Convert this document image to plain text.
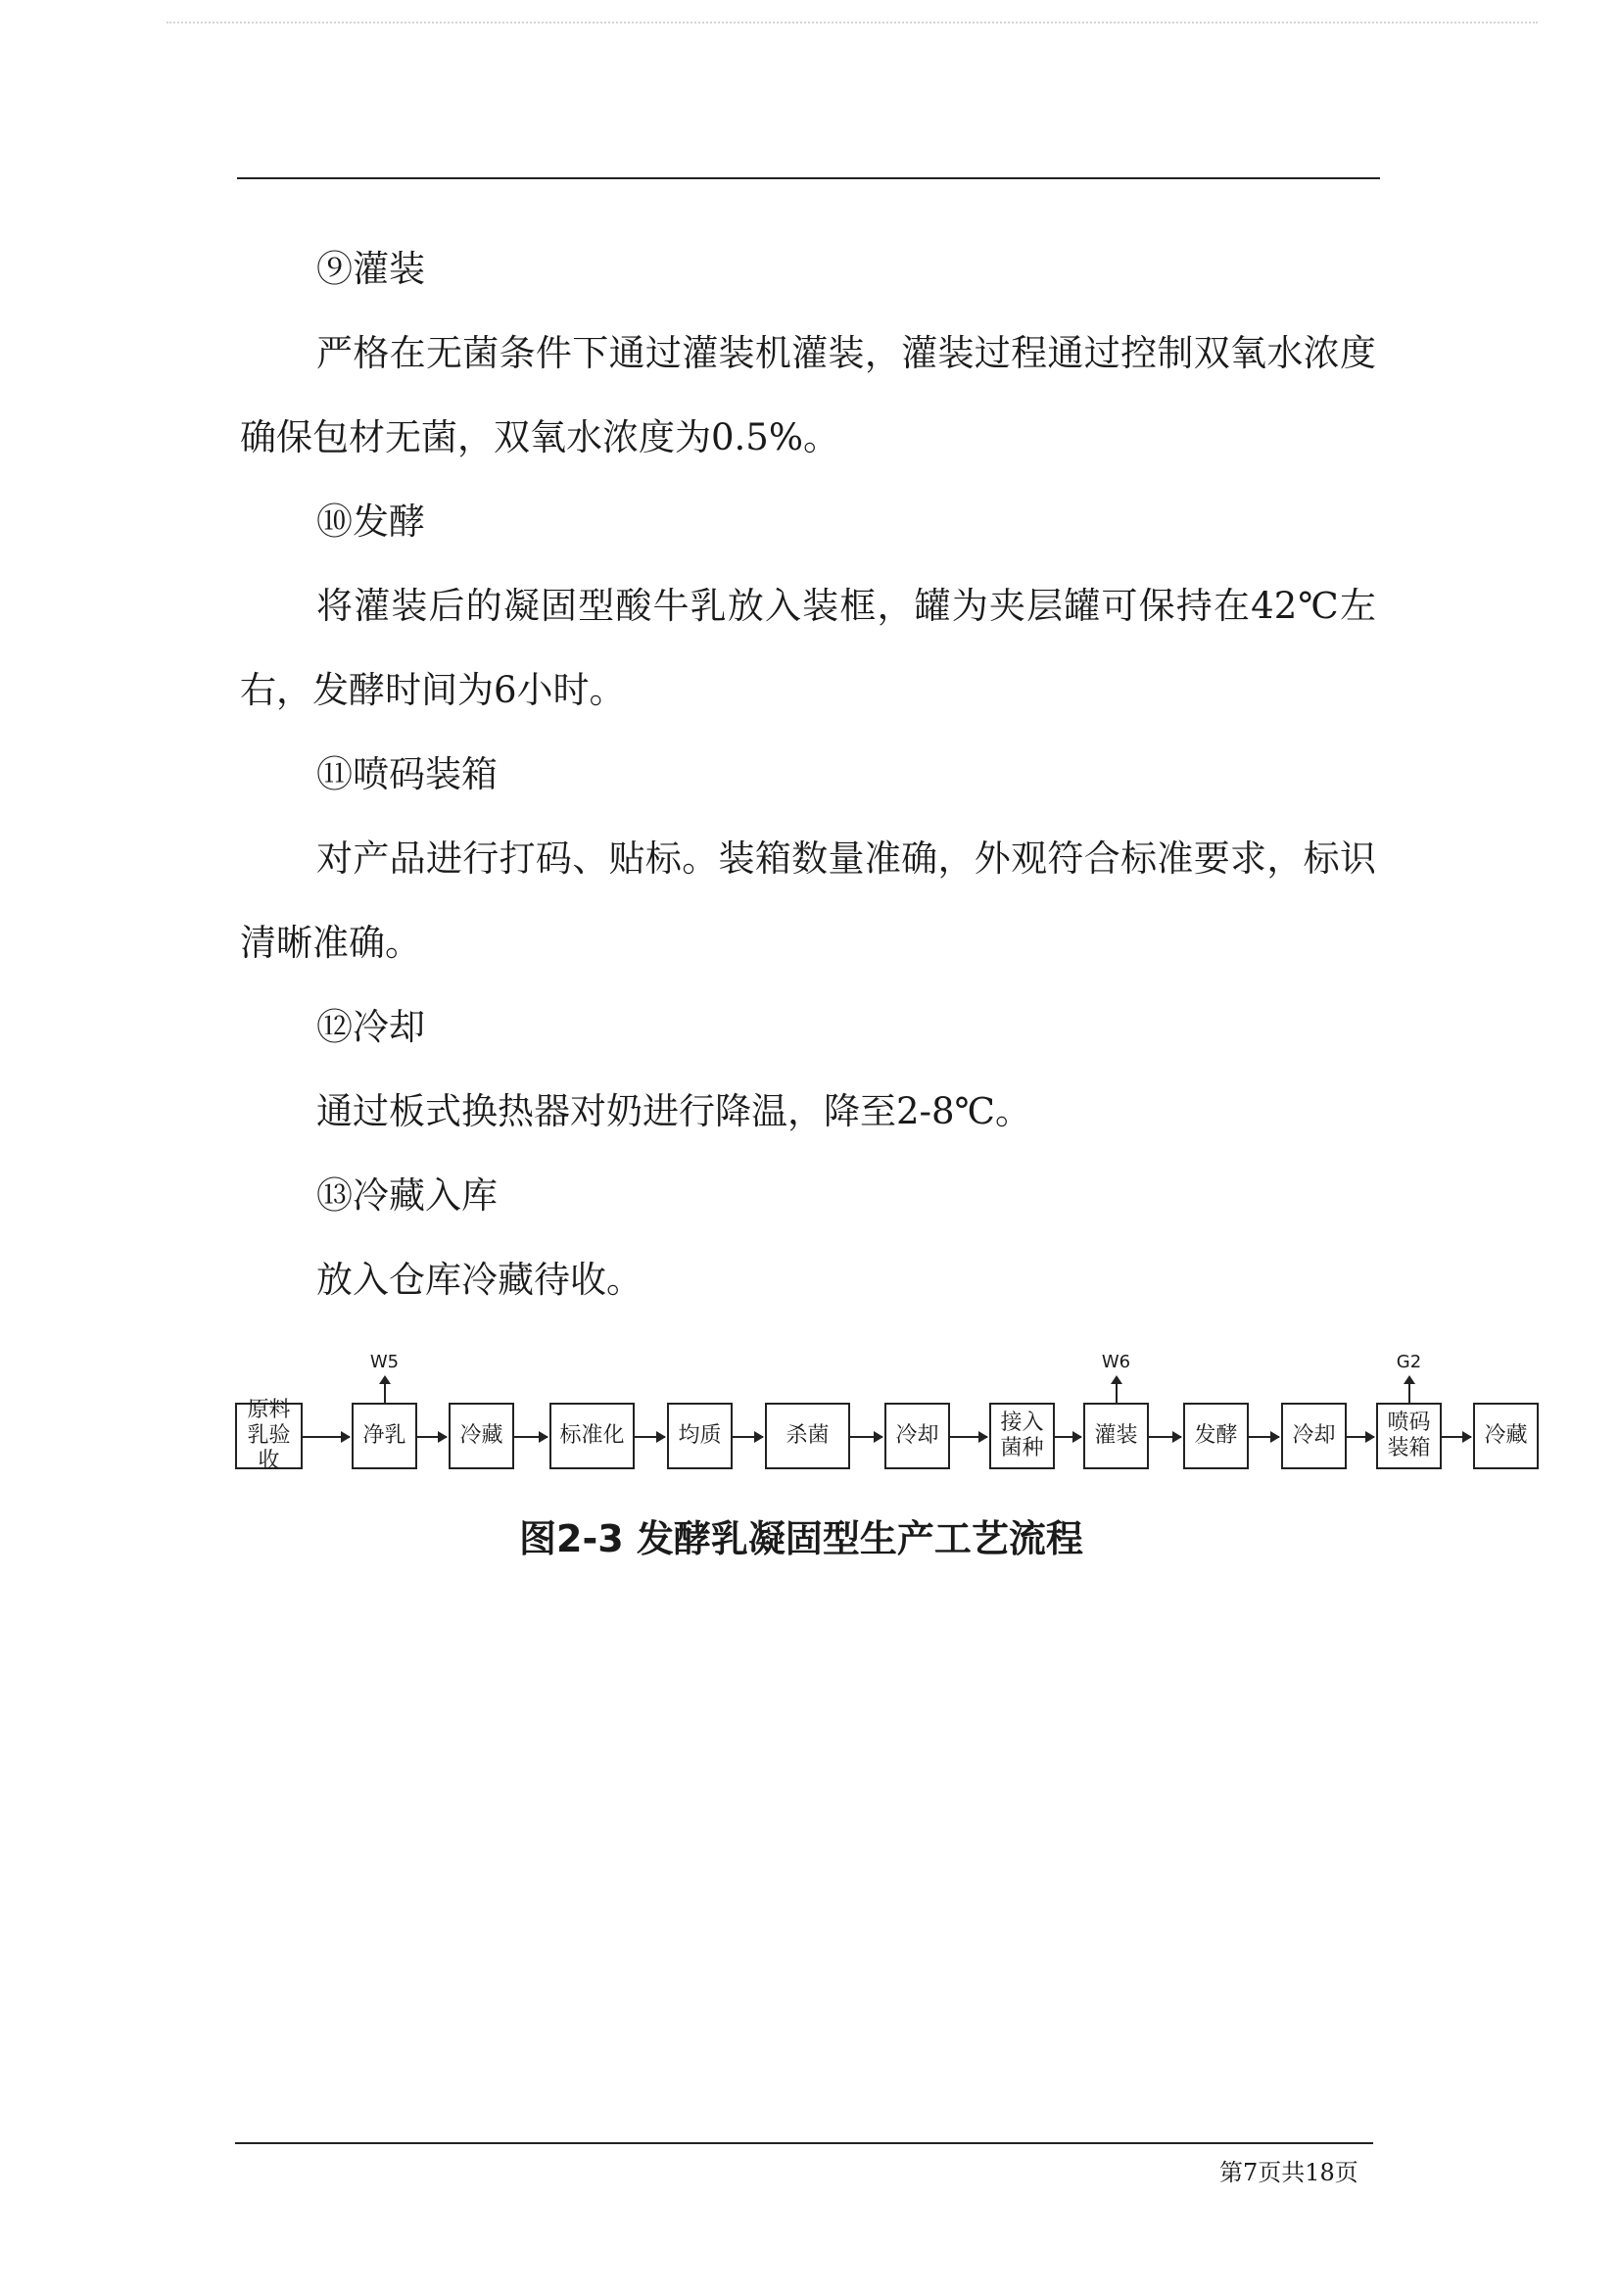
⑨灌装

严格在无菌条件下通过灌装机灌装，灌装过程通过控制双氧水浓度确保包材无菌，双氧水浓度为0.5%。

⑩发酵

将灌装后的凝固型酸牛乳放入装框，罐为夹层罐可保持在42℃左右，发酵时间为6小时。

⑪喷码装箱

对产品进行打码、贴标。装箱数量准确，外观符合标准要求，标识清晰准确。

⑫冷却

通过板式换热器对奶进行降温，降至2-8℃。

⑬冷藏入库

放入仓库冷藏待收。

原料乳验收
净乳 冷藏	标准化 均质	杀菌	冷却
接入菌种
灌装	发酵	冷却
喷码装箱
冷藏
W5	W6	G2
图2-3 发酵乳凝固型生产工艺流程
第7页共18页
